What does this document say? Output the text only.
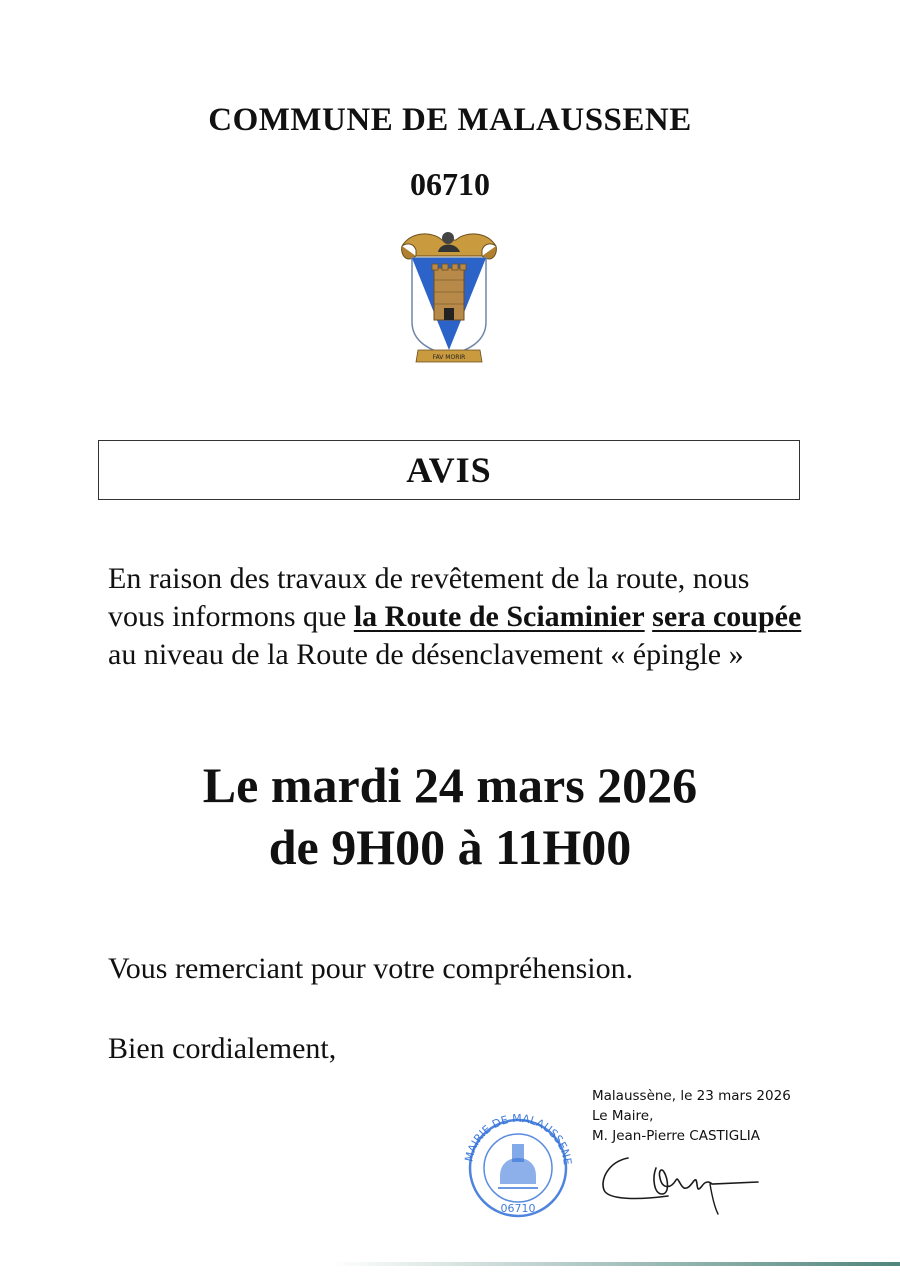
COMMUNE DE MALAUSSENE
06710
FAV MORIR
AVIS
En raison des travaux de revêtement de la route, nous vous informons que la Route de Sciaminier sera coupée au niveau de la Route de désenclavement « épingle »
Le mardi 24 mars 2026
de 9H00 à 11H00
Vous remerciant pour votre compréhension.
Bien cordialement,
Malaussène, le 23 mars 2026
Le Maire,
M. Jean-Pierre CASTIGLIA
MAIRIE DE MALAUSSENE
06710
